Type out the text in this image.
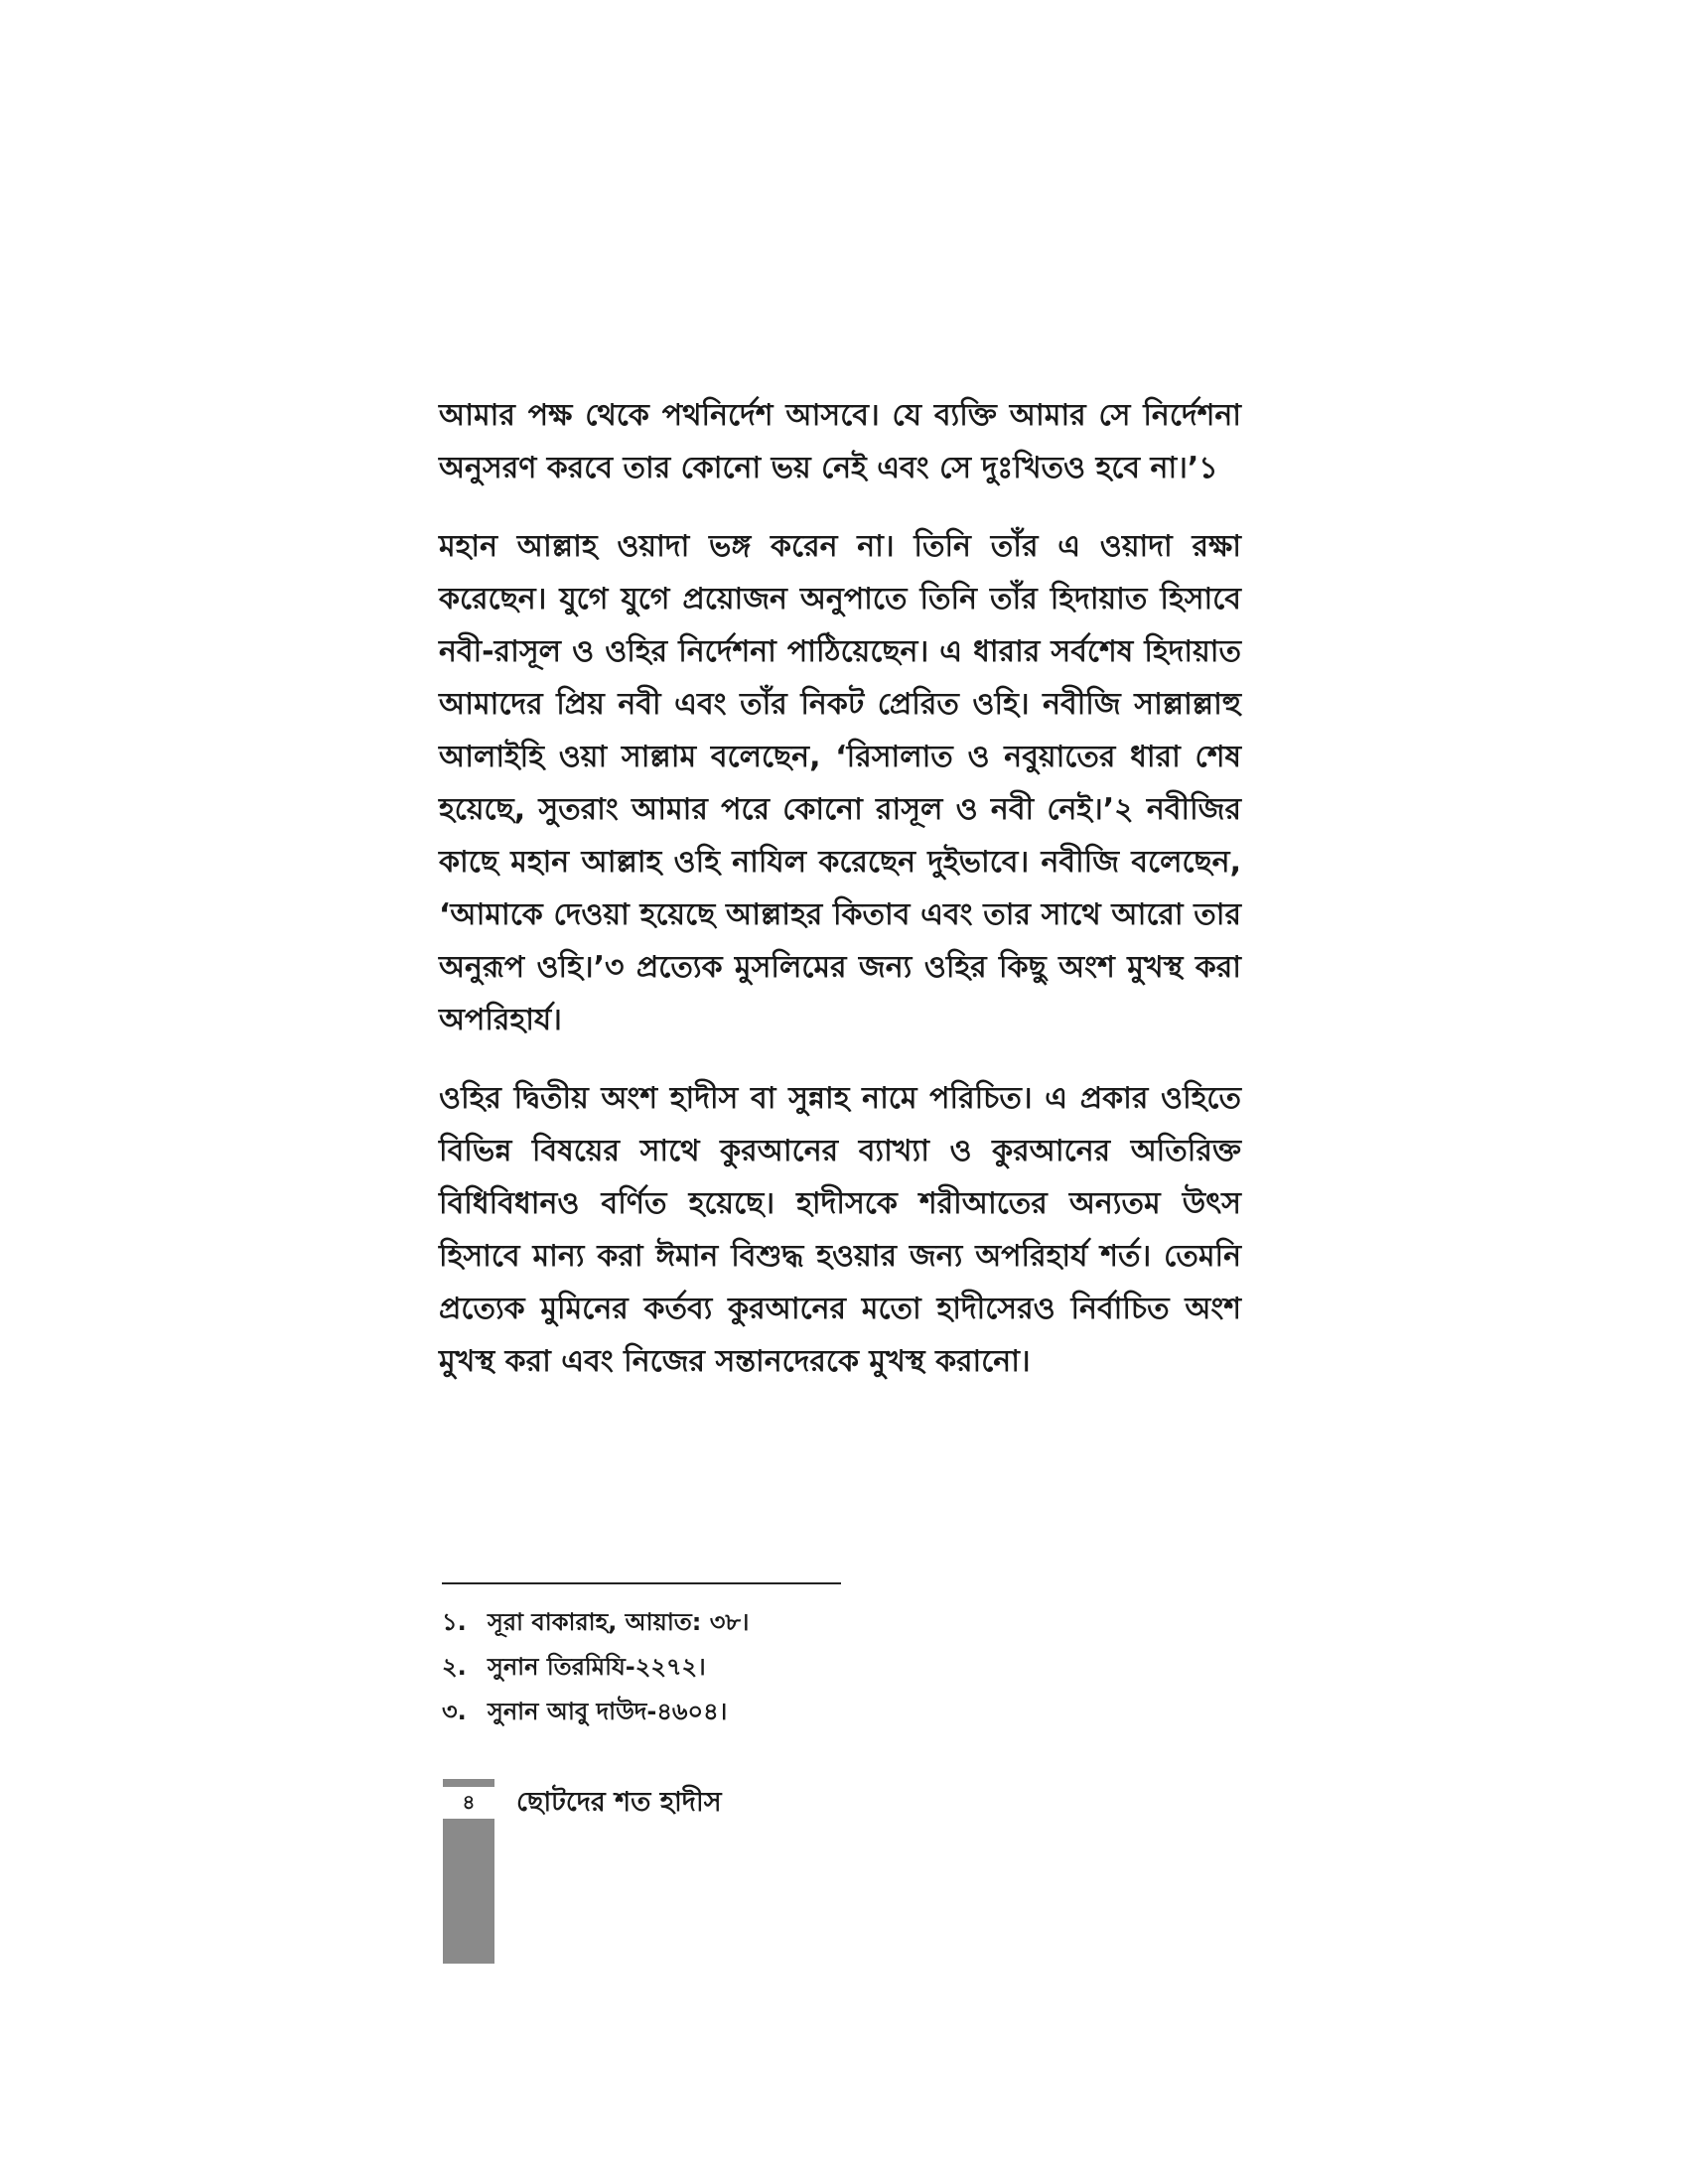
আমার পক্ষ থেকে পথনির্দেশ আসবে। যে ব্যক্তি আমার সে নির্দেশনা অনুসরণ করবে তার কোনো ভয় নেই এবং সে দুঃখিতও হবে না।’১

মহান আল্লাহ ওয়াদা ভঙ্গ করেন না। তিনি তাঁর এ ওয়াদা রক্ষা করেছেন। যুগে যুগে প্রয়োজন অনুপাতে তিনি তাঁর হিদায়াত হিসাবে নবী-রাসূল ও ওহির নির্দেশনা পাঠিয়েছেন। এ ধারার সর্বশেষ হিদায়াত আমাদের প্রিয় নবী এবং তাঁর নিকট প্রেরিত ওহি। নবীজি সাল্লাল্লাহু আলাইহি ওয়া সাল্লাম বলেছেন, ‘রিসালাত ও নবুয়াতের ধারা শেষ হয়েছে, সুতরাং আমার পরে কোনো রাসূল ও নবী নেই।’২ নবীজির কাছে মহান আল্লাহ ওহি নাযিল করেছেন দুইভাবে। নবীজি বলেছেন, ‘আমাকে দেওয়া হয়েছে আল্লাহর কিতাব এবং তার সাথে আরো তার অনুরূপ ওহি।’৩ প্রত্যেক মুসলিমের জন্য ওহির কিছু অংশ মুখস্থ করা অপরিহার্য।

ওহির দ্বিতীয় অংশ হাদীস বা সুন্নাহ নামে পরিচিত। এ প্রকার ওহিতে বিভিন্ন বিষয়ের সাথে কুরআনের ব্যাখ্যা ও কুরআনের অতিরিক্ত বিধিবিধানও বর্ণিত হয়েছে। হাদীসকে শরীআতের অন্যতম উৎস হিসাবে মান্য করা ঈমান বিশুদ্ধ হওয়ার জন্য অপরিহার্য শর্ত। তেমনি প্রত্যেক মুমিনের কর্তব্য কুরআনের মতো হাদীসেরও নির্বাচিত অংশ মুখস্থ করা এবং নিজের সন্তানদেরকে মুখস্থ করানো।

১. সূরা বাকারাহ, আয়াত: ৩৮।

২. সুনান তিরমিযি-২২৭২।

৩. সুনান আবু দাউদ-৪৬০৪।

৪	ছোটদের শত হাদীস
